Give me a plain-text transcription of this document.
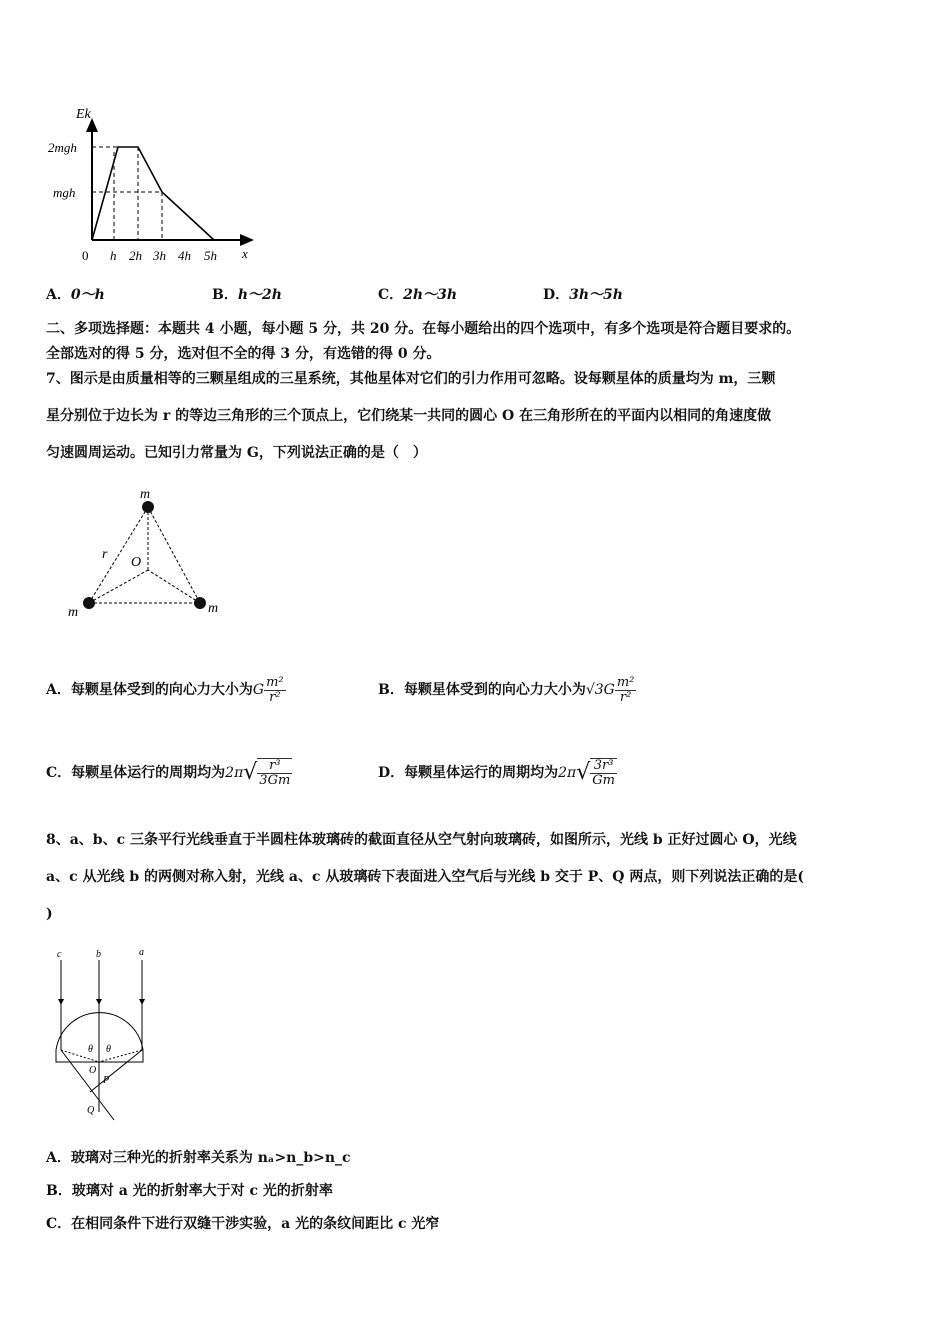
Ek
2mgh
mgh
0 h 2h 3h 4h 5h x
A．0～h	B．h～2h	C．2h～3h	D．3h～5h
二、多项选择题：本题共 4 小题，每小题 5 分，共 20 分。在每小题给出的四个选项中，有多个选项是符合题目要求的。
全部选对的得 5 分，选对但不全的得 3 分，有选错的得 0 分。
7、图示是由质量相等的三颗星组成的三星系统，其他星体对它们的引力作用可忽略。设每颗星体的质量均为 m，三颗
星分别位于边长为 r 的等边三角形的三个顶点上，它们绕某一共同的圆心 O 在三角形所在的平面内以相同的角速度做
匀速圆周运动。已知引力常量为 G，下列说法正确的是（　）
m
m	m
r
O
A．每颗星体受到的向心力大小为G $\frac{\text{m²}}{\text{r²}}$	B．每颗星体受到的向心力大小为$√3G \frac{\text{m²}}{\text{r²}}$
C．每颗星体运行的周期均为$2\pi√ \frac{\text{r³}}{3Gm}$	D．每颗星体运行的周期均为$2\pi√ \frac{\text{3r³}}{Gm}$
8、a、b、c 三条平行光线垂直于半圆柱体玻璃砖的截面直径从空气射向玻璃砖，如图所示，光线 b 正好过圆心 O，光线
a、c 从光线 b 的两侧对称入射，光线 a、c 从玻璃砖下表面进入空气后与光线 b 交于 P、Q 两点，则下列说法正确的是(
)
c	b	a
θ θ
O
P
Q
A．玻璃对三种光的折射率关系为 nₐ>n_b>n_c
B．玻璃对 a 光的折射率大于对 c 光的折射率
C．在相同条件下进行双缝干涉实验，a 光的条纹间距比 c 光窄
